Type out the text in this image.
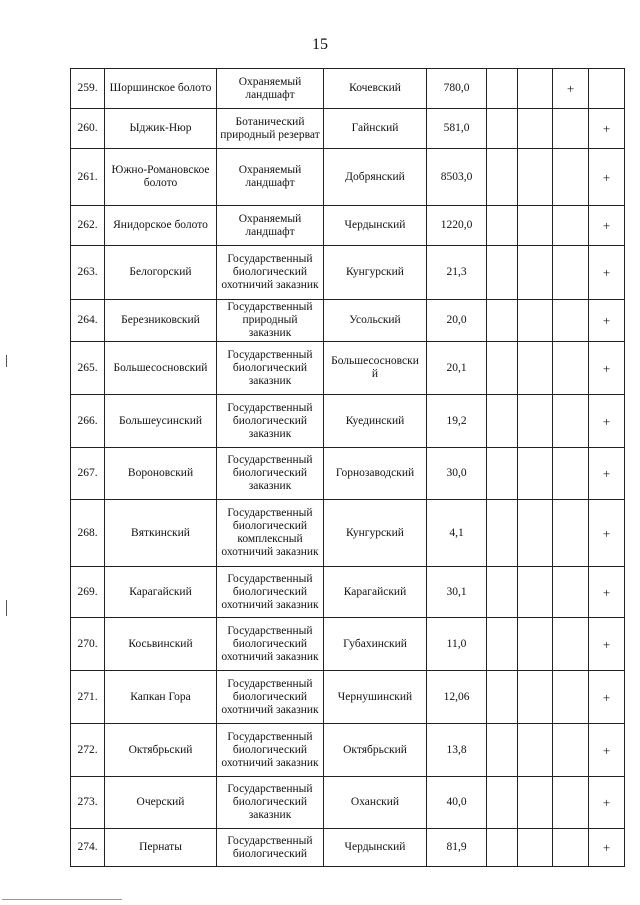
15
259.	Шоршинское болото	Охраняемый ландшафт	Кочевский	780,0			+	
260.	Ыджик-Нюр	Ботанический природный резерват	Гайнский	581,0				+
261.	Южно-Романовское болото	Охраняемый ландшафт	Добрянский	8503,0				+
262.	Янидорское болото	Охраняемый ландшафт	Чердынский	1220,0				+
263.	Белогорский	Государственный биологический охотничий заказник	Кунгурский	21,3				+
264.	Березниковский	Государственный природный заказник	Усольский	20,0				+
265.	Большесосновский	Государственный биологический заказник	Большесосновски й	20,1				+
266.	Большеусинский	Государственный биологический заказник	Куединский	19,2				+
267.	Вороновский	Государственный биологический заказник	Горнозаводский	30,0				+
268.	Вяткинский	Государственный биологический комплексный охотничий заказник	Кунгурский	4,1				+
269.	Карагайский	Государственный биологический охотничий заказник	Карагайский	30,1				+
270.	Косьвинский	Государственный биологический охотничий заказник	Губахинский	11,0				+
271.	Капкан Гора	Государственный биологический охотничий заказник	Чернушинский	12,06				+
272.	Октябрьский	Государственный биологический охотничий заказник	Октябрьский	13,8				+
273.	Очерский	Государственный биологический заказник	Оханский	40,0				+
274.	Пернаты	Государственный биологический	Чердынский	81,9				+
